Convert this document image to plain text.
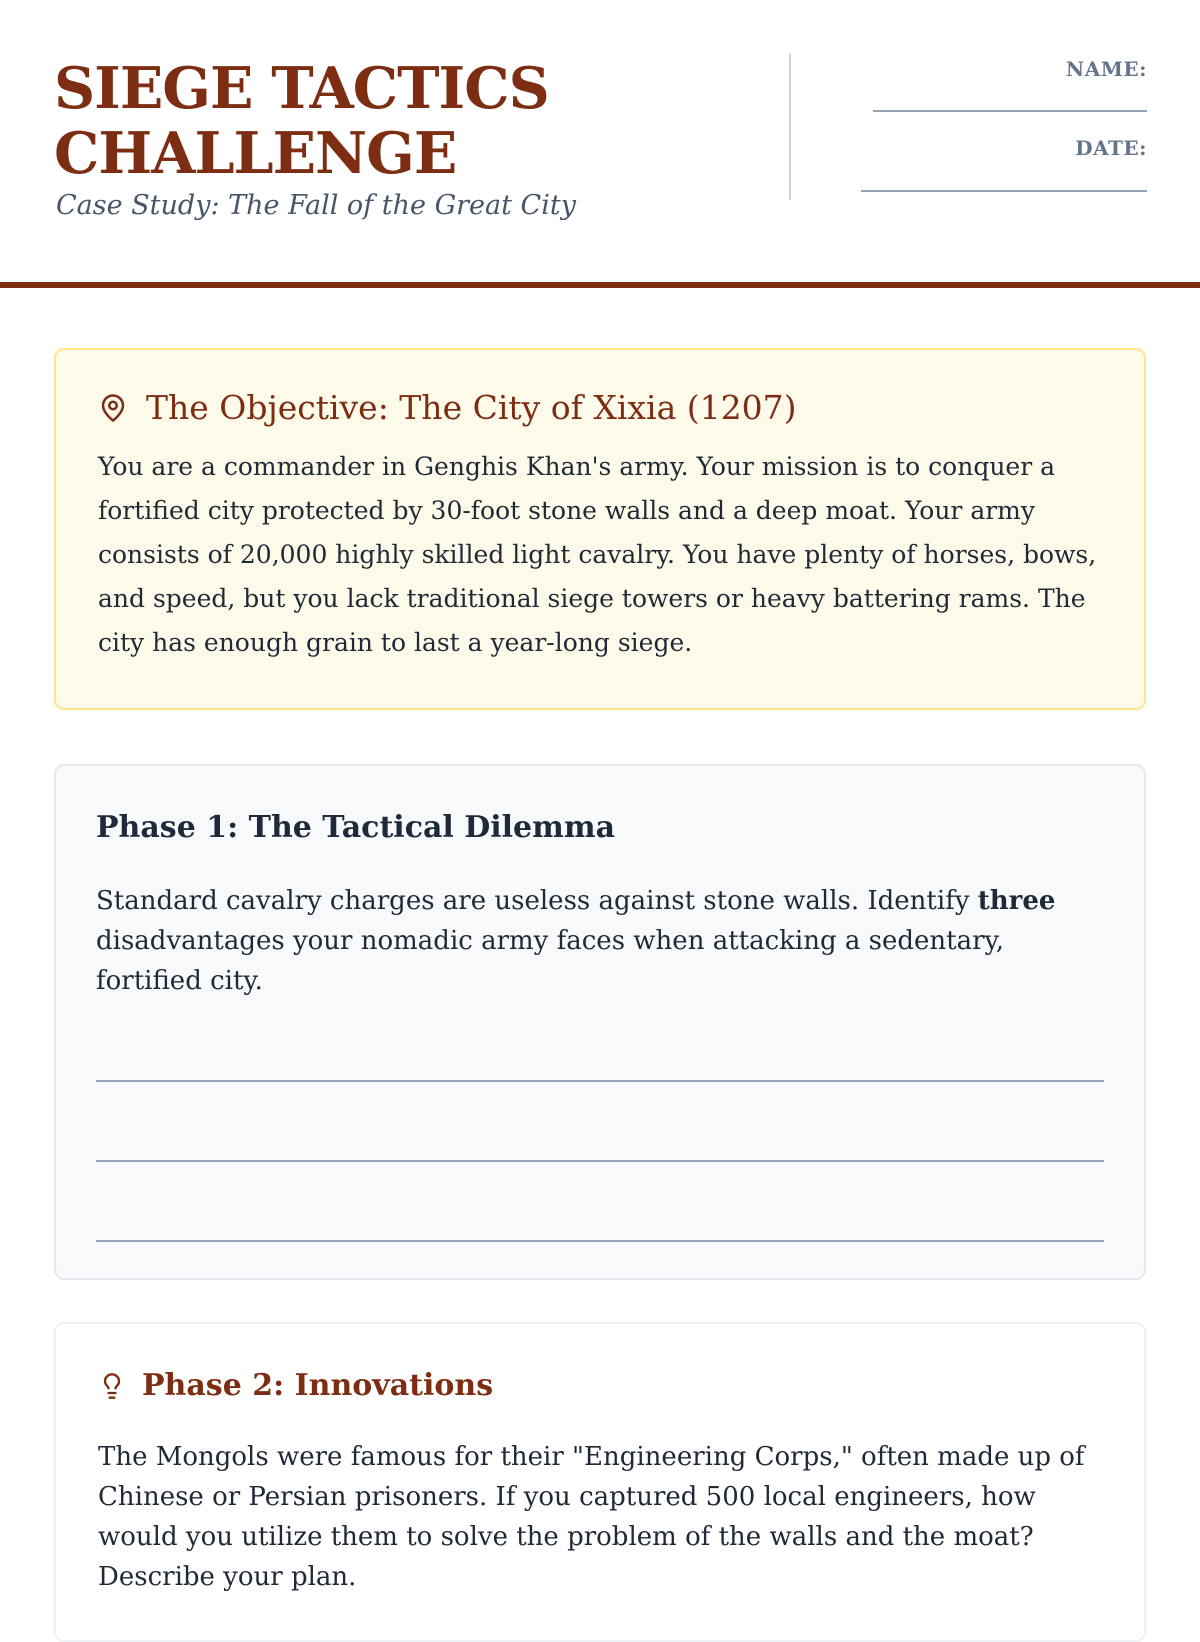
SIEGE TACTICS
CHALLENGE

Case Study: The Fall of the Great City

NAME:
DATE:
The Objective: The City of Xixia (1207)
You are a commander in Genghis Khan's army. Your mission is to conquer a fortified city protected by 30-foot stone walls and a deep moat. Your army consists of 20,000 highly skilled light cavalry. You have plenty of horses, bows, and speed, but you lack traditional siege towers or heavy battering rams. The city has enough grain to last a year-long siege.
Phase 1: The Tactical Dilemma
Standard cavalry charges are useless against stone walls. Identify three disadvantages your nomadic army faces when attacking a sedentary, fortified city.
Phase 2: Innovations
The Mongols were famous for their "Engineering Corps," often made up of Chinese or Persian prisoners. If you captured 500 local engineers, how would you utilize them to solve the problem of the walls and the moat? Describe your plan.
